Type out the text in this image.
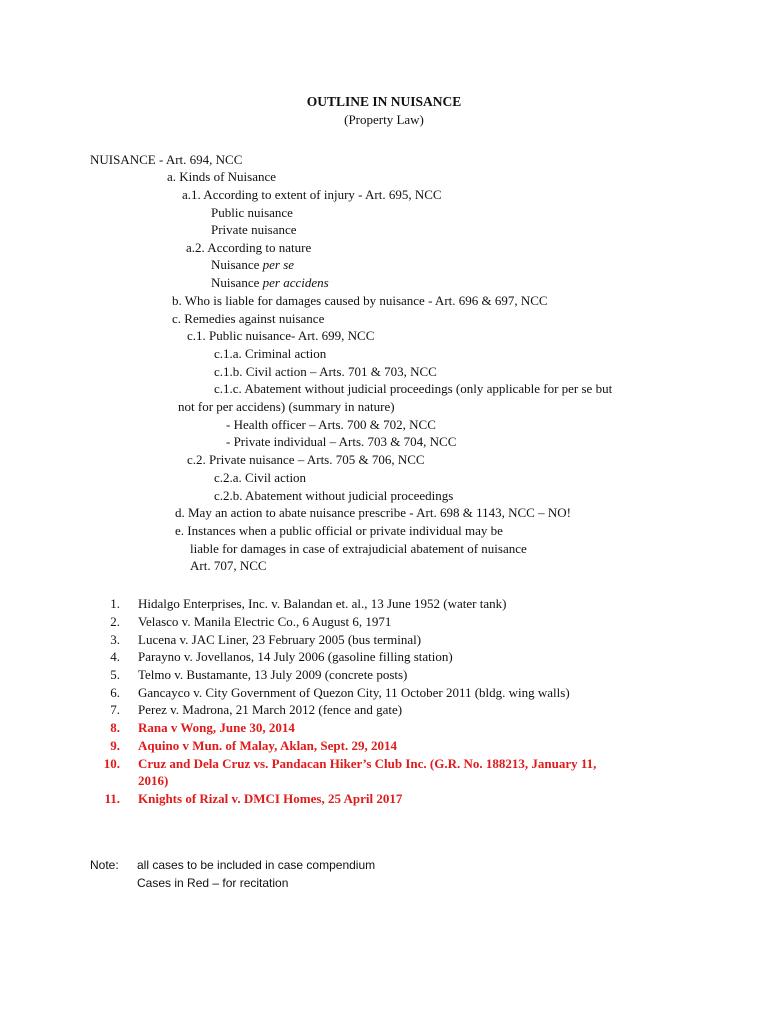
OUTLINE IN NUISANCE
(Property Law)
NUISANCE - Art. 694, NCC
a. Kinds of Nuisance
a.1. According to extent of injury - Art. 695, NCC
Public nuisance
Private nuisance
a.2. According to nature
Nuisance per se
Nuisance per accidens
b. Who is liable for damages caused by nuisance - Art. 696 & 697, NCC
c. Remedies against nuisance
c.1. Public nuisance- Art. 699, NCC
c.1.a. Criminal action
c.1.b. Civil action – Arts. 701 & 703, NCC
c.1.c. Abatement without judicial proceedings (only applicable for per se but
not for per accidens) (summary in nature)
- Health officer – Arts. 700 & 702, NCC
- Private individual – Arts. 703 & 704, NCC
c.2. Private nuisance – Arts. 705 & 706, NCC
c.2.a. Civil action
c.2.b. Abatement without judicial proceedings
d. May an action to abate nuisance prescribe - Art. 698 & 1143, NCC – NO!
e. Instances when a public official or private individual may be
liable for damages in case of extrajudicial abatement of nuisance
Art. 707, NCC
1. Hidalgo Enterprises, Inc. v. Balandan et. al., 13 June 1952 (water tank)
2. Velasco v. Manila Electric Co., 6 August 6, 1971
3. Lucena v. JAC Liner, 23 February 2005 (bus terminal)
4. Parayno v. Jovellanos, 14 July 2006 (gasoline filling station)
5. Telmo v. Bustamante, 13 July 2009 (concrete posts)
6. Gancayco v. City Government of Quezon City, 11 October 2011 (bldg. wing walls)
7. Perez v. Madrona, 21 March 2012 (fence and gate)
8. Rana v Wong, June 30, 2014
9. Aquino v Mun. of Malay, Aklan, Sept. 29, 2014
10. Cruz and Dela Cruz vs. Pandacan Hiker’s Club Inc. (G.R. No. 188213, January 11,
2016)
11. Knights of Rizal v. DMCI Homes, 25 April 2017
Note: all cases to be included in case compendium
Cases in Red – for recitation
